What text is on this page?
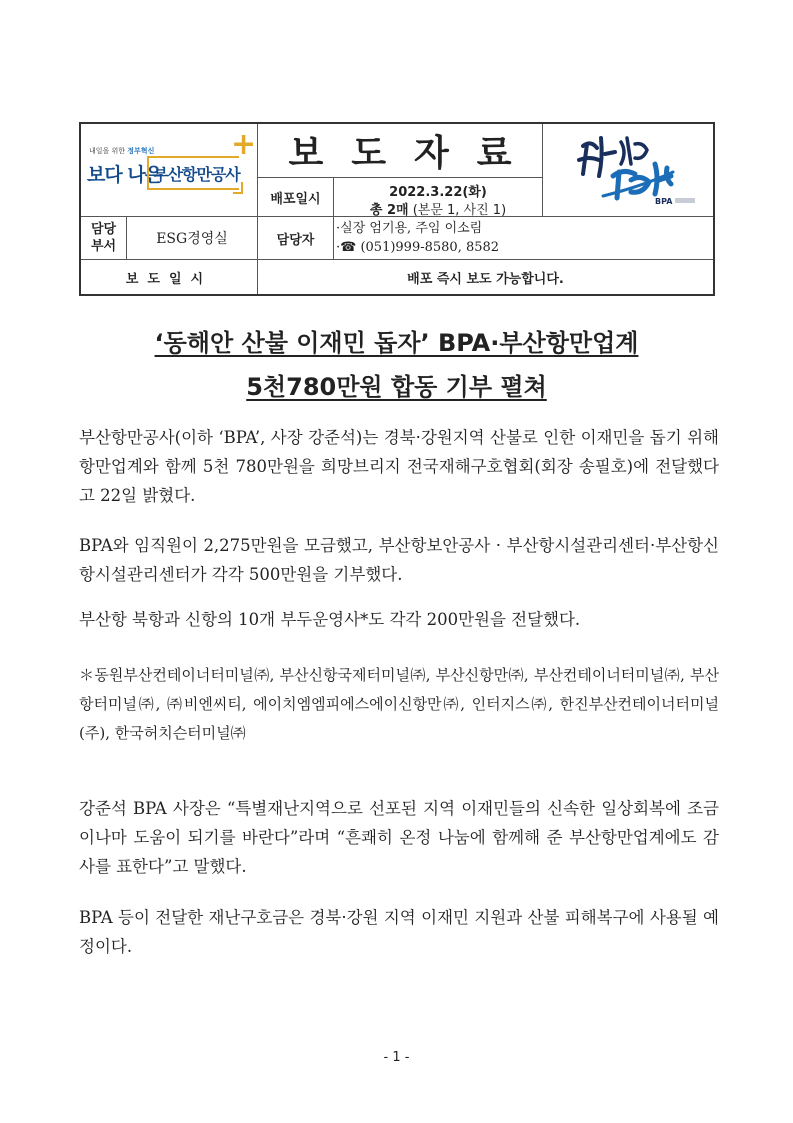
내일을 위한 정부혁신
보다 나은
부산항만공사
+ 보도자료
BPA
배포일시	2022.3.22(화)
총 2매 (본문 1, 사진 1)
담당
부서	ESG경영실	담당자
·실장 엄기용, 주임 이소림
·☎ (051)999-8580, 8582
보도일시	배포 즉시 보도 가능합니다.
‘동해안 산불 이재민 돕자’ BPA·부산항만업계
5천780만원 합동 기부 펼쳐
부산항만공사(이하 ‘BPA’, 사장 강준석)는 경북·강원지역 산불로 인한 이재민을 돕기 위해 항만업계와 함께 5천 780만원을 희망브리지 전국재해구호협회(회장 송필호)에 전달했다고 22일 밝혔다.
BPA와 임직원이 2,275만원을 모금했고, 부산항보안공사 · 부산항시설관리센터·부산항신항시설관리센터가 각각 500만원을 기부했다.
부산항 북항과 신항의 10개 부두운영사*도 각각 200만원을 전달했다.
＊동원부산컨테이너터미널㈜, 부산신항국제터미널㈜, 부산신항만㈜, 부산컨테이너터미널㈜, 부산항터미널㈜, ㈜비엔씨티, 에이치엠엠피에스에이신항만㈜, 인터지스㈜, 한진부산컨테이너터미널(주), 한국허치슨터미널㈜
강준석 BPA 사장은 “특별재난지역으로 선포된 지역 이재민들의 신속한 일상회복에 조금이나마 도움이 되기를 바란다”라며 “흔쾌히 온정 나눔에 함께해 준 부산항만업계에도 감사를 표한다”고 말했다.
BPA 등이 전달한 재난구호금은 경북·강원 지역 이재민 지원과 산불 피해복구에 사용될 예정이다.
- 1 -
